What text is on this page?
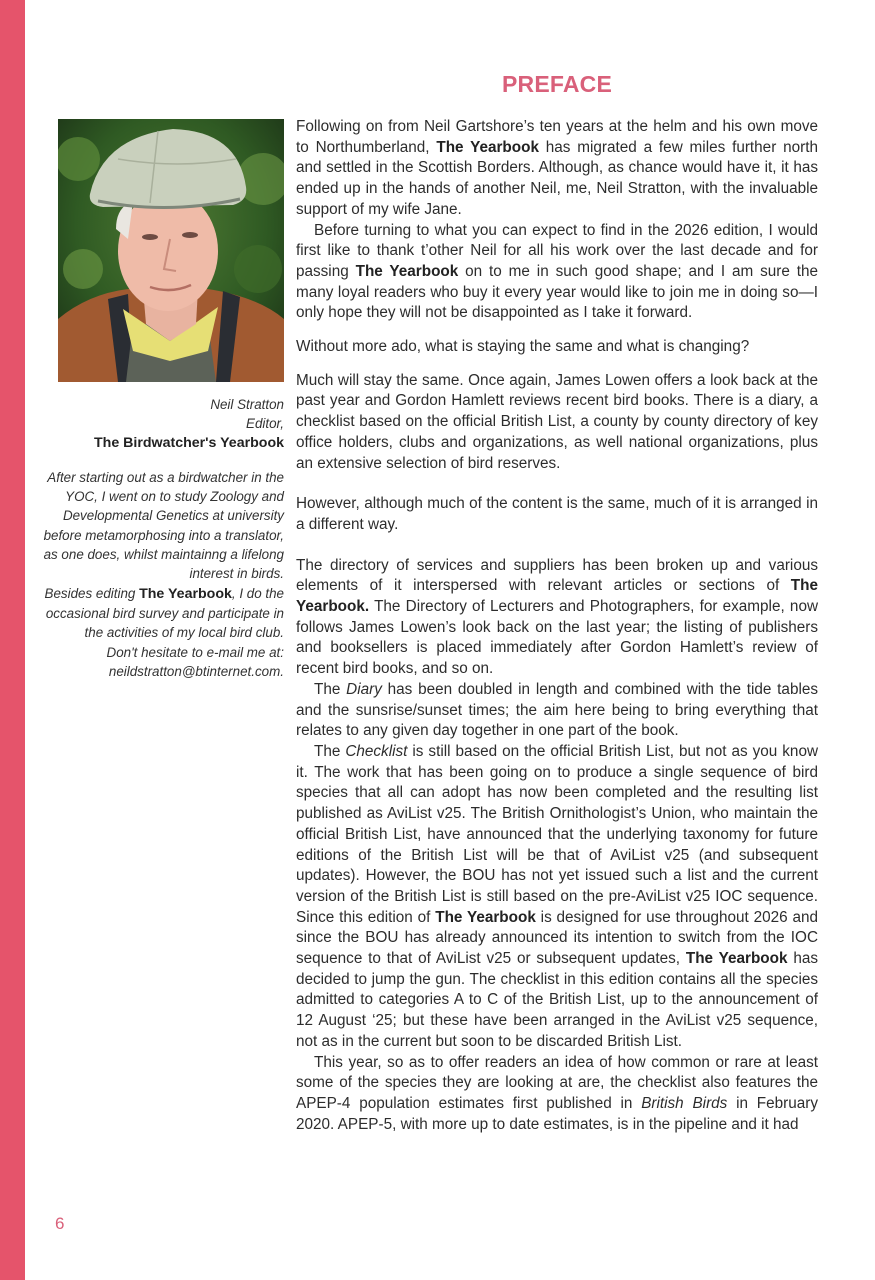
PREFACE
Neil Stratton
Editor,
The Birdwatcher's Yearbook
After starting out as a birdwatcher in the YOC, I went on to study Zoology and Developmental Genetics at university before metamorphosing into a translator, as one does, whilst maintainng a lifelong interest in birds.
Besides editing The Yearbook, I do the occasional bird survey and participate in the activities of my local bird club.
Don't hesitate to e-mail me at:
neildstratton@btinternet.com.

Following on from Neil Gartshore’s ten years at the helm and his own move to Northumberland, The Yearbook has migrated a few miles further north and settled in the Scottish Borders. Although, as chance would have it, it has ended up in the hands of another Neil, me, Neil Stratton, with the invaluable support of my wife Jane.

Before turning to what you can expect to find in the 2026 edition, I would first like to thank t’other Neil for all his work over the last decade and for passing The Yearbook on to me in such good shape; and I am sure the many loyal readers who buy it every year would like to join me in doing so—I only hope they will not be disappointed as I take it forward.

Without more ado, what is staying the same and what is changing?

Much will stay the same. Once again, James Lowen offers a look back at the past year and Gordon Hamlett reviews recent bird books. There is a diary, a checklist based on the official British List, a county by county directory of key office holders, clubs and organizations, as well national organizations, plus an extensive selection of bird reserves.

However, although much of the content is the same, much of it is arranged in a different way.

The directory of services and suppliers has been broken up and various elements of it interspersed with relevant articles or sections of The Yearbook. The Directory of Lecturers and Photographers, for example, now follows James Lowen’s look back on the last year; the listing of publishers and booksellers is placed immediately after Gordon Hamlett’s review of recent bird books, and so on.

The Diary has been doubled in length and combined with the tide tables and the sunsrise/sunset times; the aim here being to bring everything that relates to any given day together in one part of the book.

The Checklist is still based on the official British List, but not as you know it. The work that has been going on to produce a single sequence of bird species that all can adopt has now been completed and the resulting list published as AviList v25. The British Ornithologist’s Union, who maintain the official British List, have announced that the underlying taxonomy for future editions of the British List will be that of AviList v25 (and subsequent updates). However, the BOU has not yet issued such a list and the current version of the British List is still based on the pre-AviList v25 IOC sequence. Since this edition of The Yearbook is designed for use throughout 2026 and since the BOU has already announced its intention to switch from the IOC sequence to that of AviList v25 or subsequent updates, The Yearbook has decided to jump the gun. The checklist in this edition contains all the species admitted to categories A to C of the British List, up to the announcement of 12 August ‘25; but these have been arranged in the AviList v25 sequence, not as in the current but soon to be discarded British List.

This year, so as to offer readers an idea of how common or rare at least some of the species they are looking at are, the checklist also features the APEP-4 population estimates first published in British Birds in February 2020. APEP-5, with more up to date estimates, is in the pipeline and it had

6
